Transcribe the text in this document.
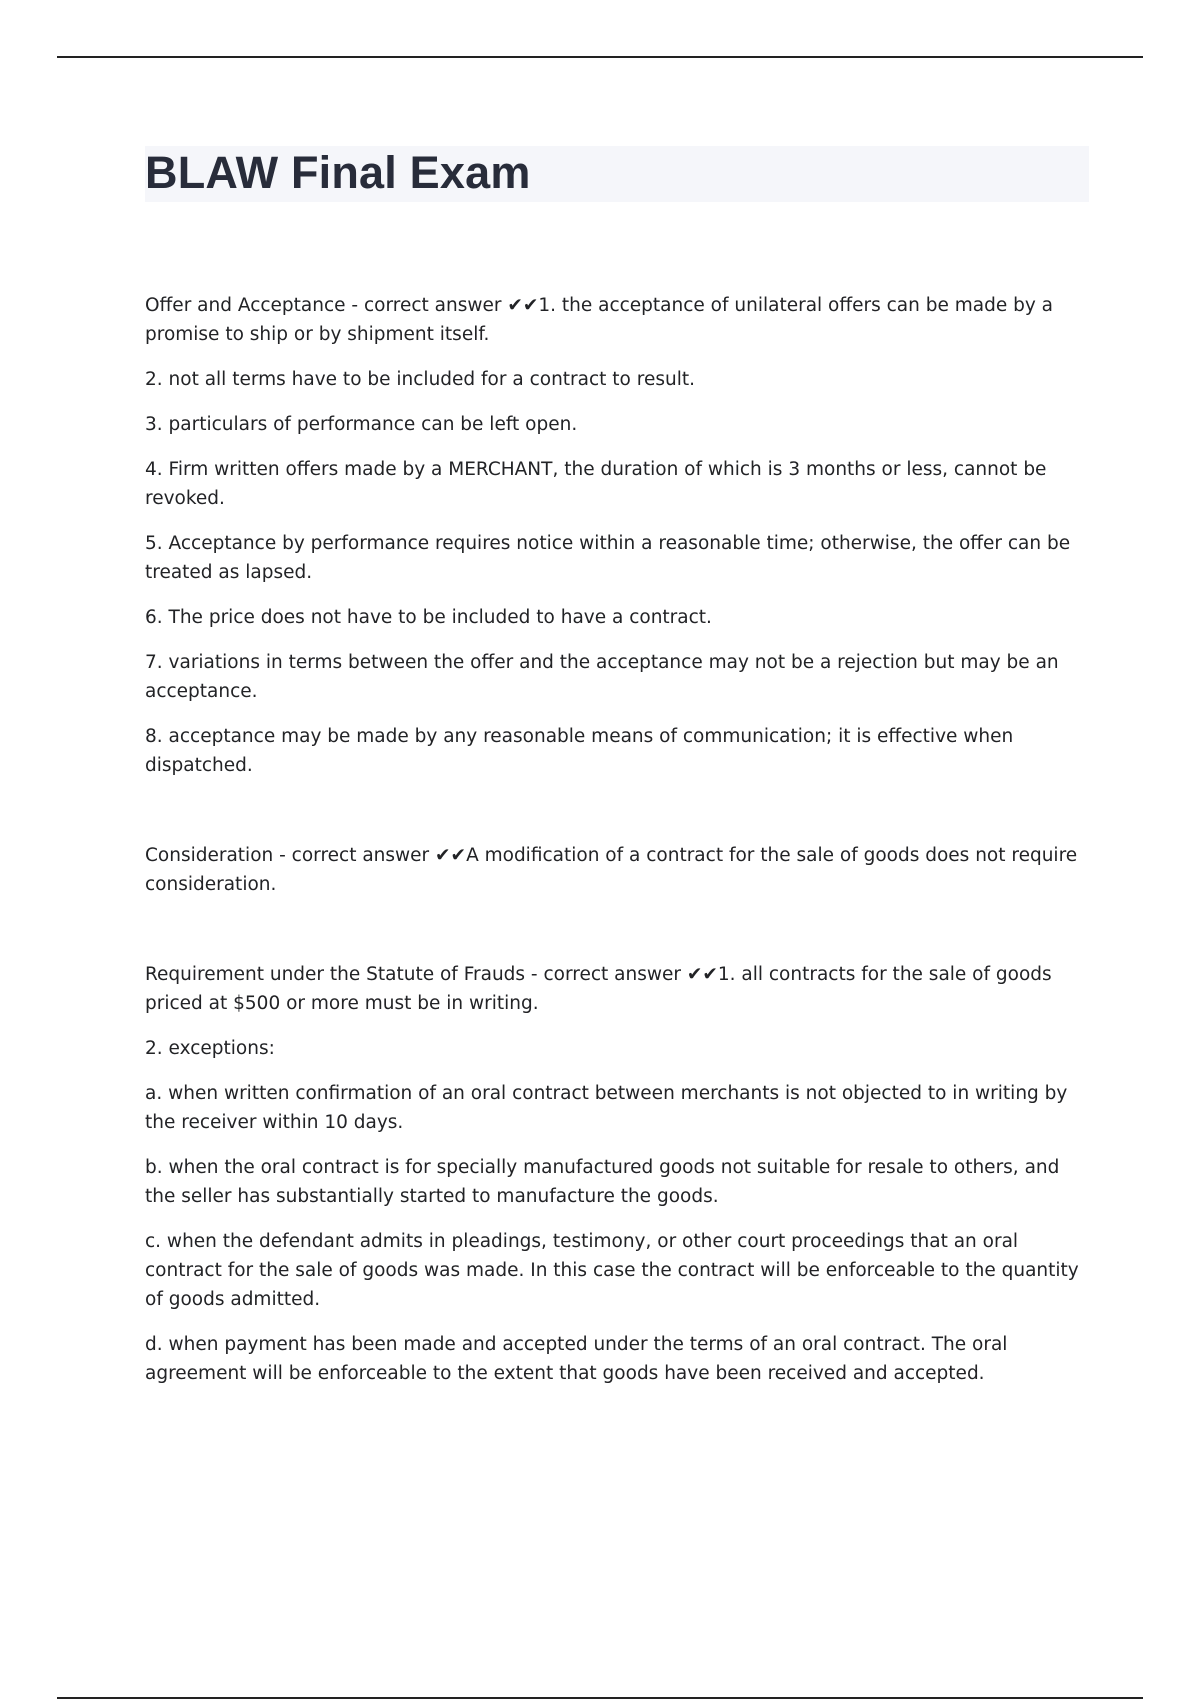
BLAW Final Exam

Offer and Acceptance - correct answer ✔✔1. the acceptance of unilateral offers can be made by a promise to ship or by shipment itself.

2. not all terms have to be included for a contract to result.

3. particulars of performance can be left open.

4. Firm written offers made by a MERCHANT, the duration of which is 3 months or less, cannot be revoked.

5. Acceptance by performance requires notice within a reasonable time; otherwise, the offer can be treated as lapsed.

6. The price does not have to be included to have a contract.

7. variations in terms between the offer and the acceptance may not be a rejection but may be an acceptance.

8. acceptance may be made by any reasonable means of communication; it is effective when dispatched.

Consideration - correct answer ✔✔A modification of a contract for the sale of goods does not require consideration.

Requirement under the Statute of Frauds - correct answer ✔✔1. all contracts for the sale of goods priced at $500 or more must be in writing.

2. exceptions:

a. when written confirmation of an oral contract between merchants is not objected to in writing by the receiver within 10 days.

b. when the oral contract is for specially manufactured goods not suitable for resale to others, and the seller has substantially started to manufacture the goods.

c. when the defendant admits in pleadings, testimony, or other court proceedings that an oral contract for the sale of goods was made. In this case the contract will be enforceable to the quantity of goods admitted.

d. when payment has been made and accepted under the terms of an oral contract. The oral agreement will be enforceable to the extent that goods have been received and accepted.
